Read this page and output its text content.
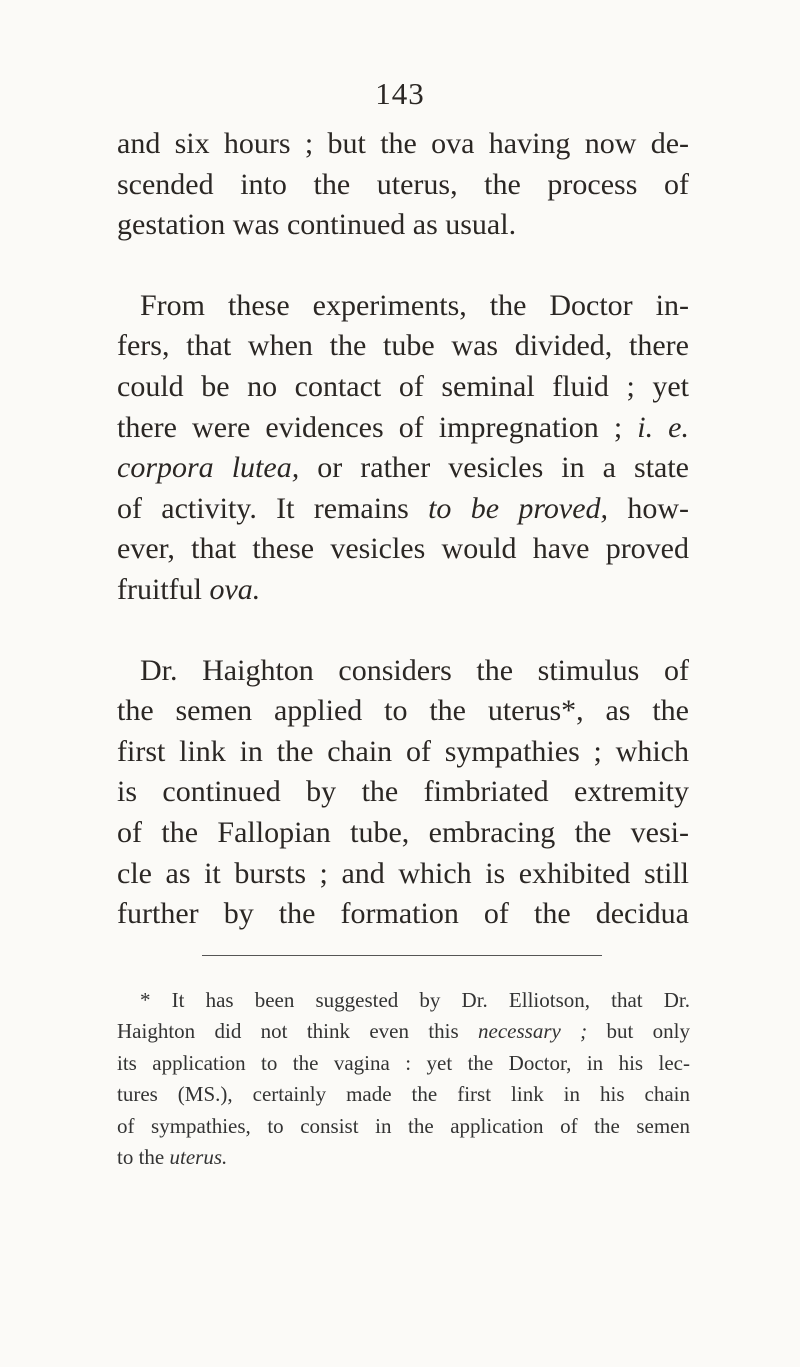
143

and six hours ; but the ova having now de-
scended into the uterus, the process of
gestation was continued as usual.

From these experiments, the Doctor in-
fers, that when the tube was divided, there
could be no contact of seminal fluid ; yet
there were evidences of impregnation ; i. e.
corpora lutea, or rather vesicles in a state
of activity. It remains to be proved, how-
ever, that these vesicles would have proved
fruitful ova.

Dr. Haighton considers the stimulus of
the semen applied to the uterus*, as the
first link in the chain of sympathies ; which
is continued by the fimbriated extremity
of the Fallopian tube, embracing the vesi-
cle as it bursts ; and which is exhibited still
further by the formation of the decidua

* It has been suggested by Dr. Elliotson, that Dr.
Haighton did not think even this necessary ; but only
its application to the vagina : yet the Doctor, in his lec-
tures (MS.), certainly made the first link in his chain
of sympathies, to consist in the application of the semen
to the uterus.
